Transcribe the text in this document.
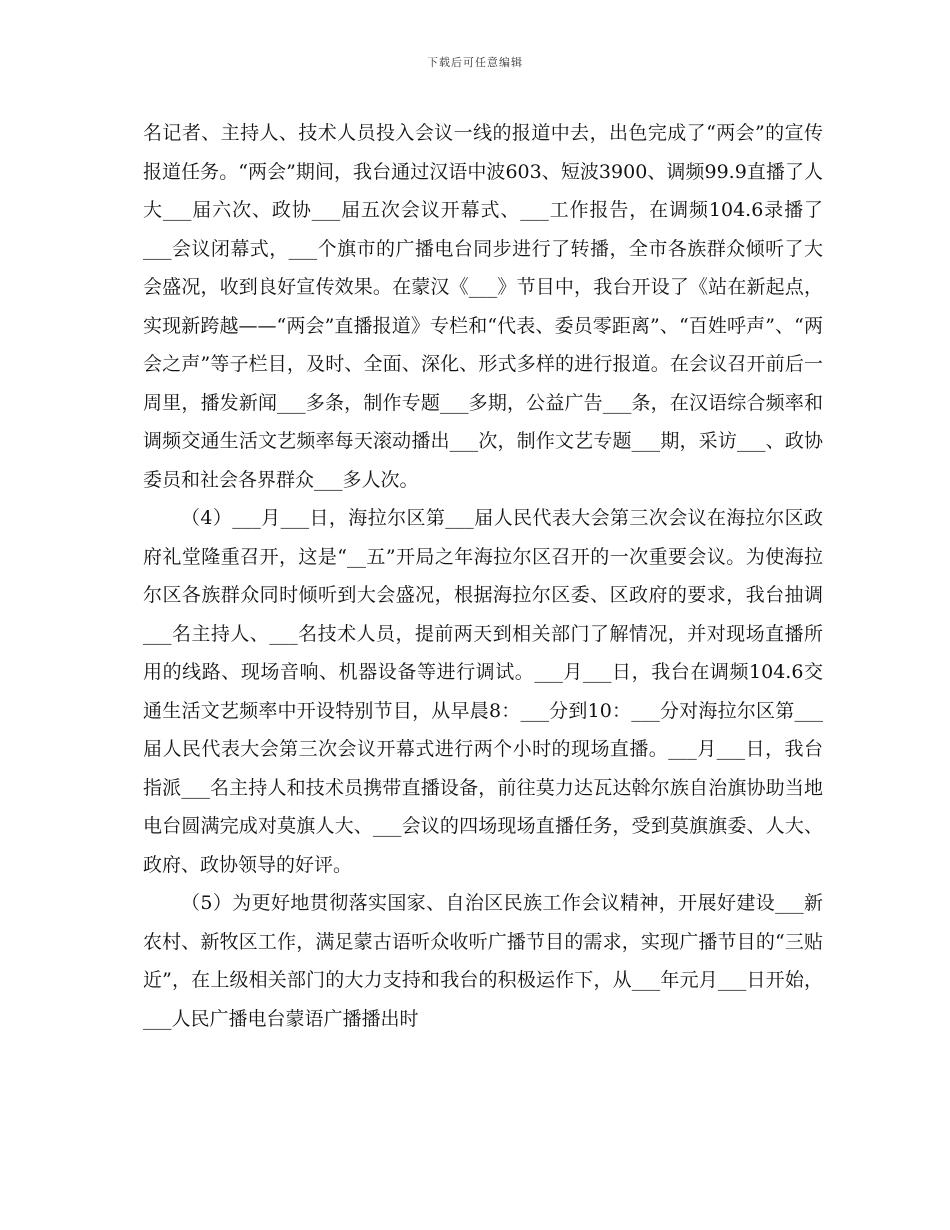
下载后可任意编辑

名记者、主持人、技术人员投入会议一线的报道中去，出色完成了“两会”的宣传报道任务。“两会”期间，我台通过汉语中波603、短波3900、调频99.9直播了人大___届六次、政协___届五次会议开幕式、___工作报告，在调频104.6录播了___会议闭幕式，___个旗市的广播电台同步进行了转播，全市各族群众倾听了大会盛况，收到良好宣传效果。在蒙汉《___》节目中，我台开设了《站在新起点，实现新跨越——“两会”直播报道》专栏和“代表、委员零距离”、“百姓呼声”、“两会之声”等子栏目，及时、全面、深化、形式多样的进行报道。在会议召开前后一周里，播发新闻___多条，制作专题___多期，公益广告___条，在汉语综合频率和调频交通生活文艺频率每天滚动播出___次，制作文艺专题___期，采访___、政协委员和社会各界群众___多人次。

（4）___月___日，海拉尔区第___届人民代表大会第三次会议在海拉尔区政府礼堂隆重召开，这是“__五”开局之年海拉尔区召开的一次重要会议。为使海拉尔区各族群众同时倾听到大会盛况，根据海拉尔区委、区政府的要求，我台抽调___名主持人、___名技术人员，提前两天到相关部门了解情况，并对现场直播所用的线路、现场音响、机器设备等进行调试。___月___日，我台在调频104.6交通生活文艺频率中开设特别节目，从早晨8：___分到10：___分对海拉尔区第___届人民代表大会第三次会议开幕式进行两个小时的现场直播。___月___日，我台指派___名主持人和技术员携带直播设备，前往莫力达瓦达斡尔族自治旗协助当地电台圆满完成对莫旗人大、___会议的四场现场直播任务，受到莫旗旗委、人大、政府、政协领导的好评。

（5）为更好地贯彻落实国家、自治区民族工作会议精神，开展好建设___新农村、新牧区工作，满足蒙古语听众收听广播节目的需求，实现广播节目的“三贴近”，在上级相关部门的大力支持和我台的积极运作下，从___年元月___日开始，___人民广播电台蒙语广播播出时
